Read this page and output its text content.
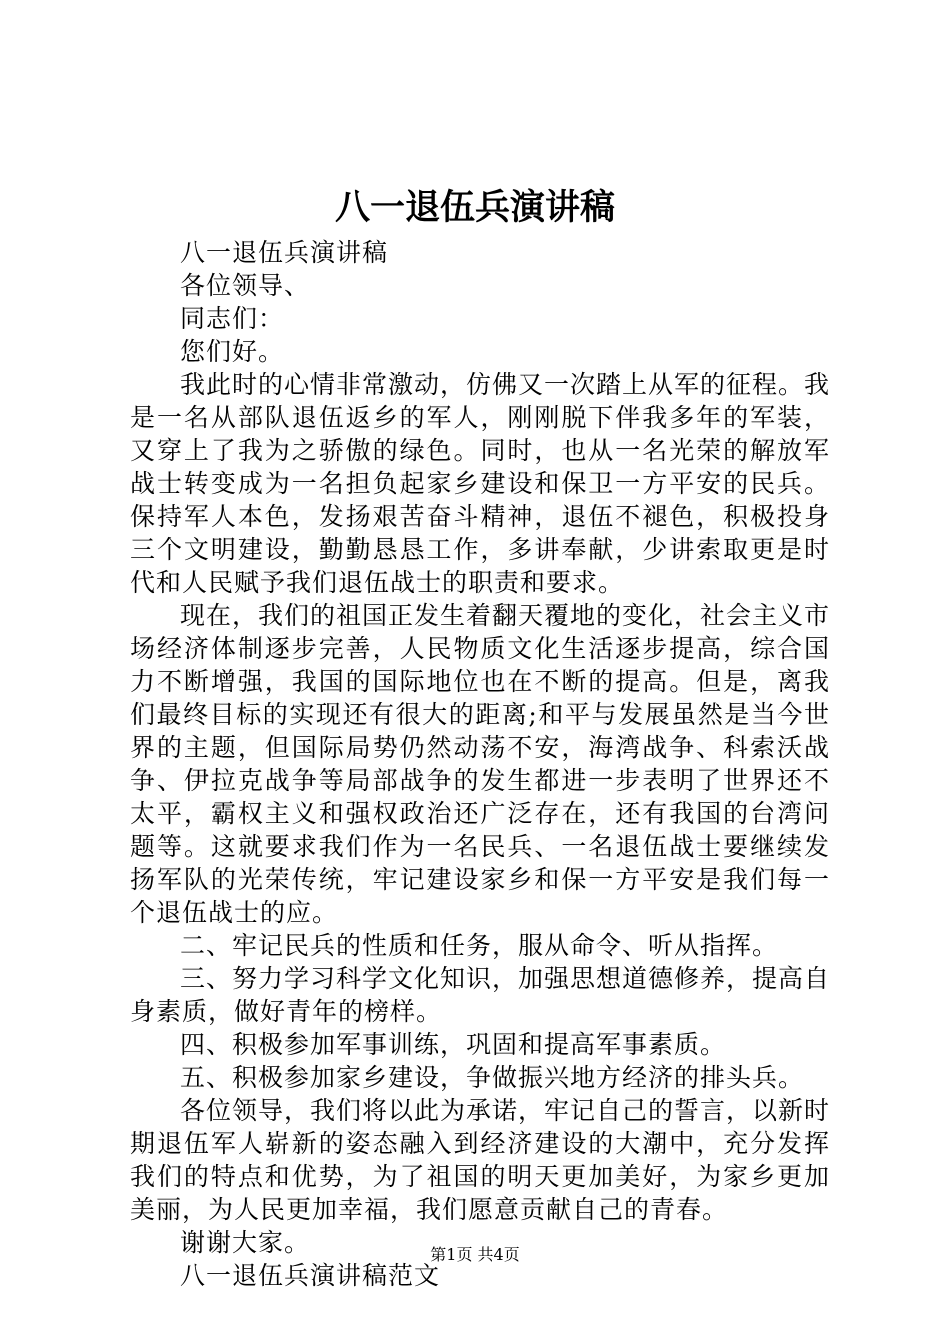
八一退伍兵演讲稿

八一退伍兵演讲稿

各位领导、

同志们：

您们好。

我此时的心情非常激动，仿佛又一次踏上从军的征程。我是一名从部队退伍返乡的军人，刚刚脱下伴我多年的军装，又穿上了我为之骄傲的绿色。同时，也从一名光荣的解放军战士转变成为一名担负起家乡建设和保卫一方平安的民兵。保持军人本色，发扬艰苦奋斗精神，退伍不褪色，积极投身三个文明建设，勤勤恳恳工作，多讲奉献，少讲索取更是时代和人民赋予我们退伍战士的职责和要求。

现在，我们的祖国正发生着翻天覆地的变化，社会主义市场经济体制逐步完善，人民物质文化生活逐步提高，综合国力不断增强，我国的国际地位也在不断的提高。但是，离我们最终目标的实现还有很大的距离;和平与发展虽然是当今世界的主题，但国际局势仍然动荡不安，海湾战争、科索沃战争、伊拉克战争等局部战争的发生都进一步表明了世界还不太平，霸权主义和强权政治还广泛存在，还有我国的台湾问题等。这就要求我们作为一名民兵、一名退伍战士要继续发扬军队的光荣传统，牢记建设家乡和保一方平安是我们每一个退伍战士的应。

二、牢记民兵的性质和任务，服从命令、听从指挥。

三、努力学习科学文化知识，加强思想道德修养，提高自身素质，做好青年的榜样。

四、积极参加军事训练，巩固和提高军事素质。

五、积极参加家乡建设，争做振兴地方经济的排头兵。

各位领导，我们将以此为承诺，牢记自己的誓言，以新时期退伍军人崭新的姿态融入到经济建设的大潮中，充分发挥我们的特点和优势，为了祖国的明天更加美好，为家乡更加美丽，为人民更加幸福，我们愿意贡献自己的青春。

谢谢大家。

八一退伍兵演讲稿范文

第1页 共4页
